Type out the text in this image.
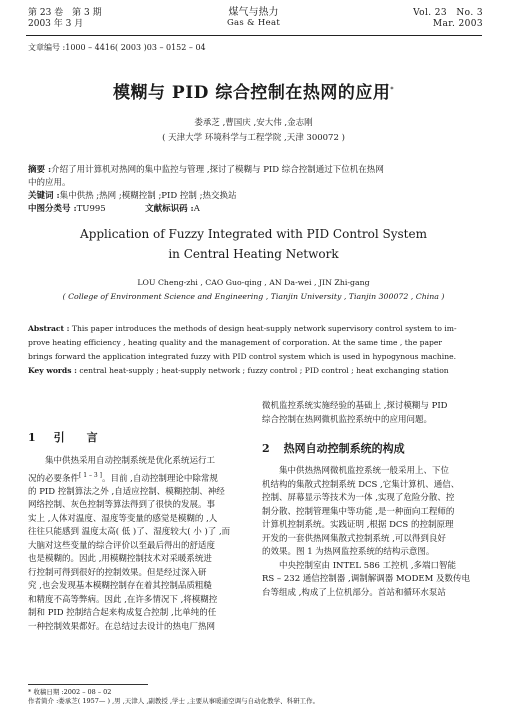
第 23 卷　第 3 期
2003 年 3 月
煤气与热力
Gas & Heat
Vol. 23　No. 3
Mar. 2003
文章编号 :1000 – 4416( 2003 )03 – 0152 – 04
模糊与 PID 综合控制在热网的应用*
娄承芝 ,曹国庆 ,安大伟 ,金志刚
( 天津大学 环境科学与工程学院 ,天津 300072 )
摘要 :介绍了用计算机对热网的集中监控与管理 ,探讨了模糊与 PID 综合控制通过下位机在热网
中的应用。
关键词 :集中供热 ;热网 ;模糊控制 ;PID 控制 ;热交换站
中图分类号 :TU995	文献标识码 :A
Application of Fuzzy Integrated with PID Control System
in Central Heating Network
LOU Cheng-zhi , CAO Guo-qing , AN Da-wei , JIN Zhi-gang
( College of Environment Science and Engineering , Tianjin University , Tianjin 300072 , China )
Abstract : This paper introduces the methods of design heat-supply network supervisory control system to im-
prove heating efficiency , heating quality and the management of corporation. At the same time , the paper
brings forward the application integrated fuzzy with PID control system which is used in hypogynous machine.
Key words : central heat-supply ; heat-supply network ; fuzzy control ; PID control ; heat exchanging station
1 引　　言
集中供热采用自动控制系统是优化系统运行工
况的必要条件[ 1 – 3 ]。目前 ,自动控制理论中除常规
的 PID 控制算法之外 ,自适应控制、模糊控制、神经
网络控制、灰色控制等算法得到了很快的发展。事
实上 ,人体对温度、湿度等变量的感觉是模糊的 ,人
往往只能感到 温度太高( 低 )了、湿度较大( 小 )了 ,而
大脑对这些变量的综合评价以至最后得出的舒适度
也是模糊的。因此 ,用模糊控制技术对采暖系统进
行控制可得到很好的控制效果。但是经过深入研
究 ,也会发现基本模糊控制存在着其控制品质粗糙
和精度不高等弊病。因此 ,在许多情况下 ,将模糊控
制和 PID 控制结合起来构成复合控制 ,比单纯的任
一种控制效果都好。在总结过去设计的热电厂热网
微机监控系统实施经验的基础上 ,探讨模糊与 PID
综合控制在热网微机监控系统中的应用问题。
2 热网自动控制系统的构成
集中供热热网微机监控系统一般采用上、下位
机结构的集散式控制系统 DCS ,它集计算机、通信、
控制、屏幕显示等技术为一体 ,实现了危险分散、控
制分散、控制管理集中等功能 ,是一种面向工程师的
计算机控制系统。实践证明 ,根据 DCS 的控制原理
开发的一套供热网集散式控制系统 ,可以得到良好
的效果。图 1 为热网监控系统的结构示意图。
中央控制室由 INTEL 586 工控机 ,多端口智能
RS – 232 通信控制器 ,调制解调器 MODEM 及数传电
台等组成 ,构成了上位机部分。首站和循环水泵站
* 收稿日期 :2002 – 08 – 02
作者简介 :娄承芝( 1957— ) ,男 ,天津人 ,副教授 ,学士 ,主要从事暖通空调与自动化教学、科研工作。
